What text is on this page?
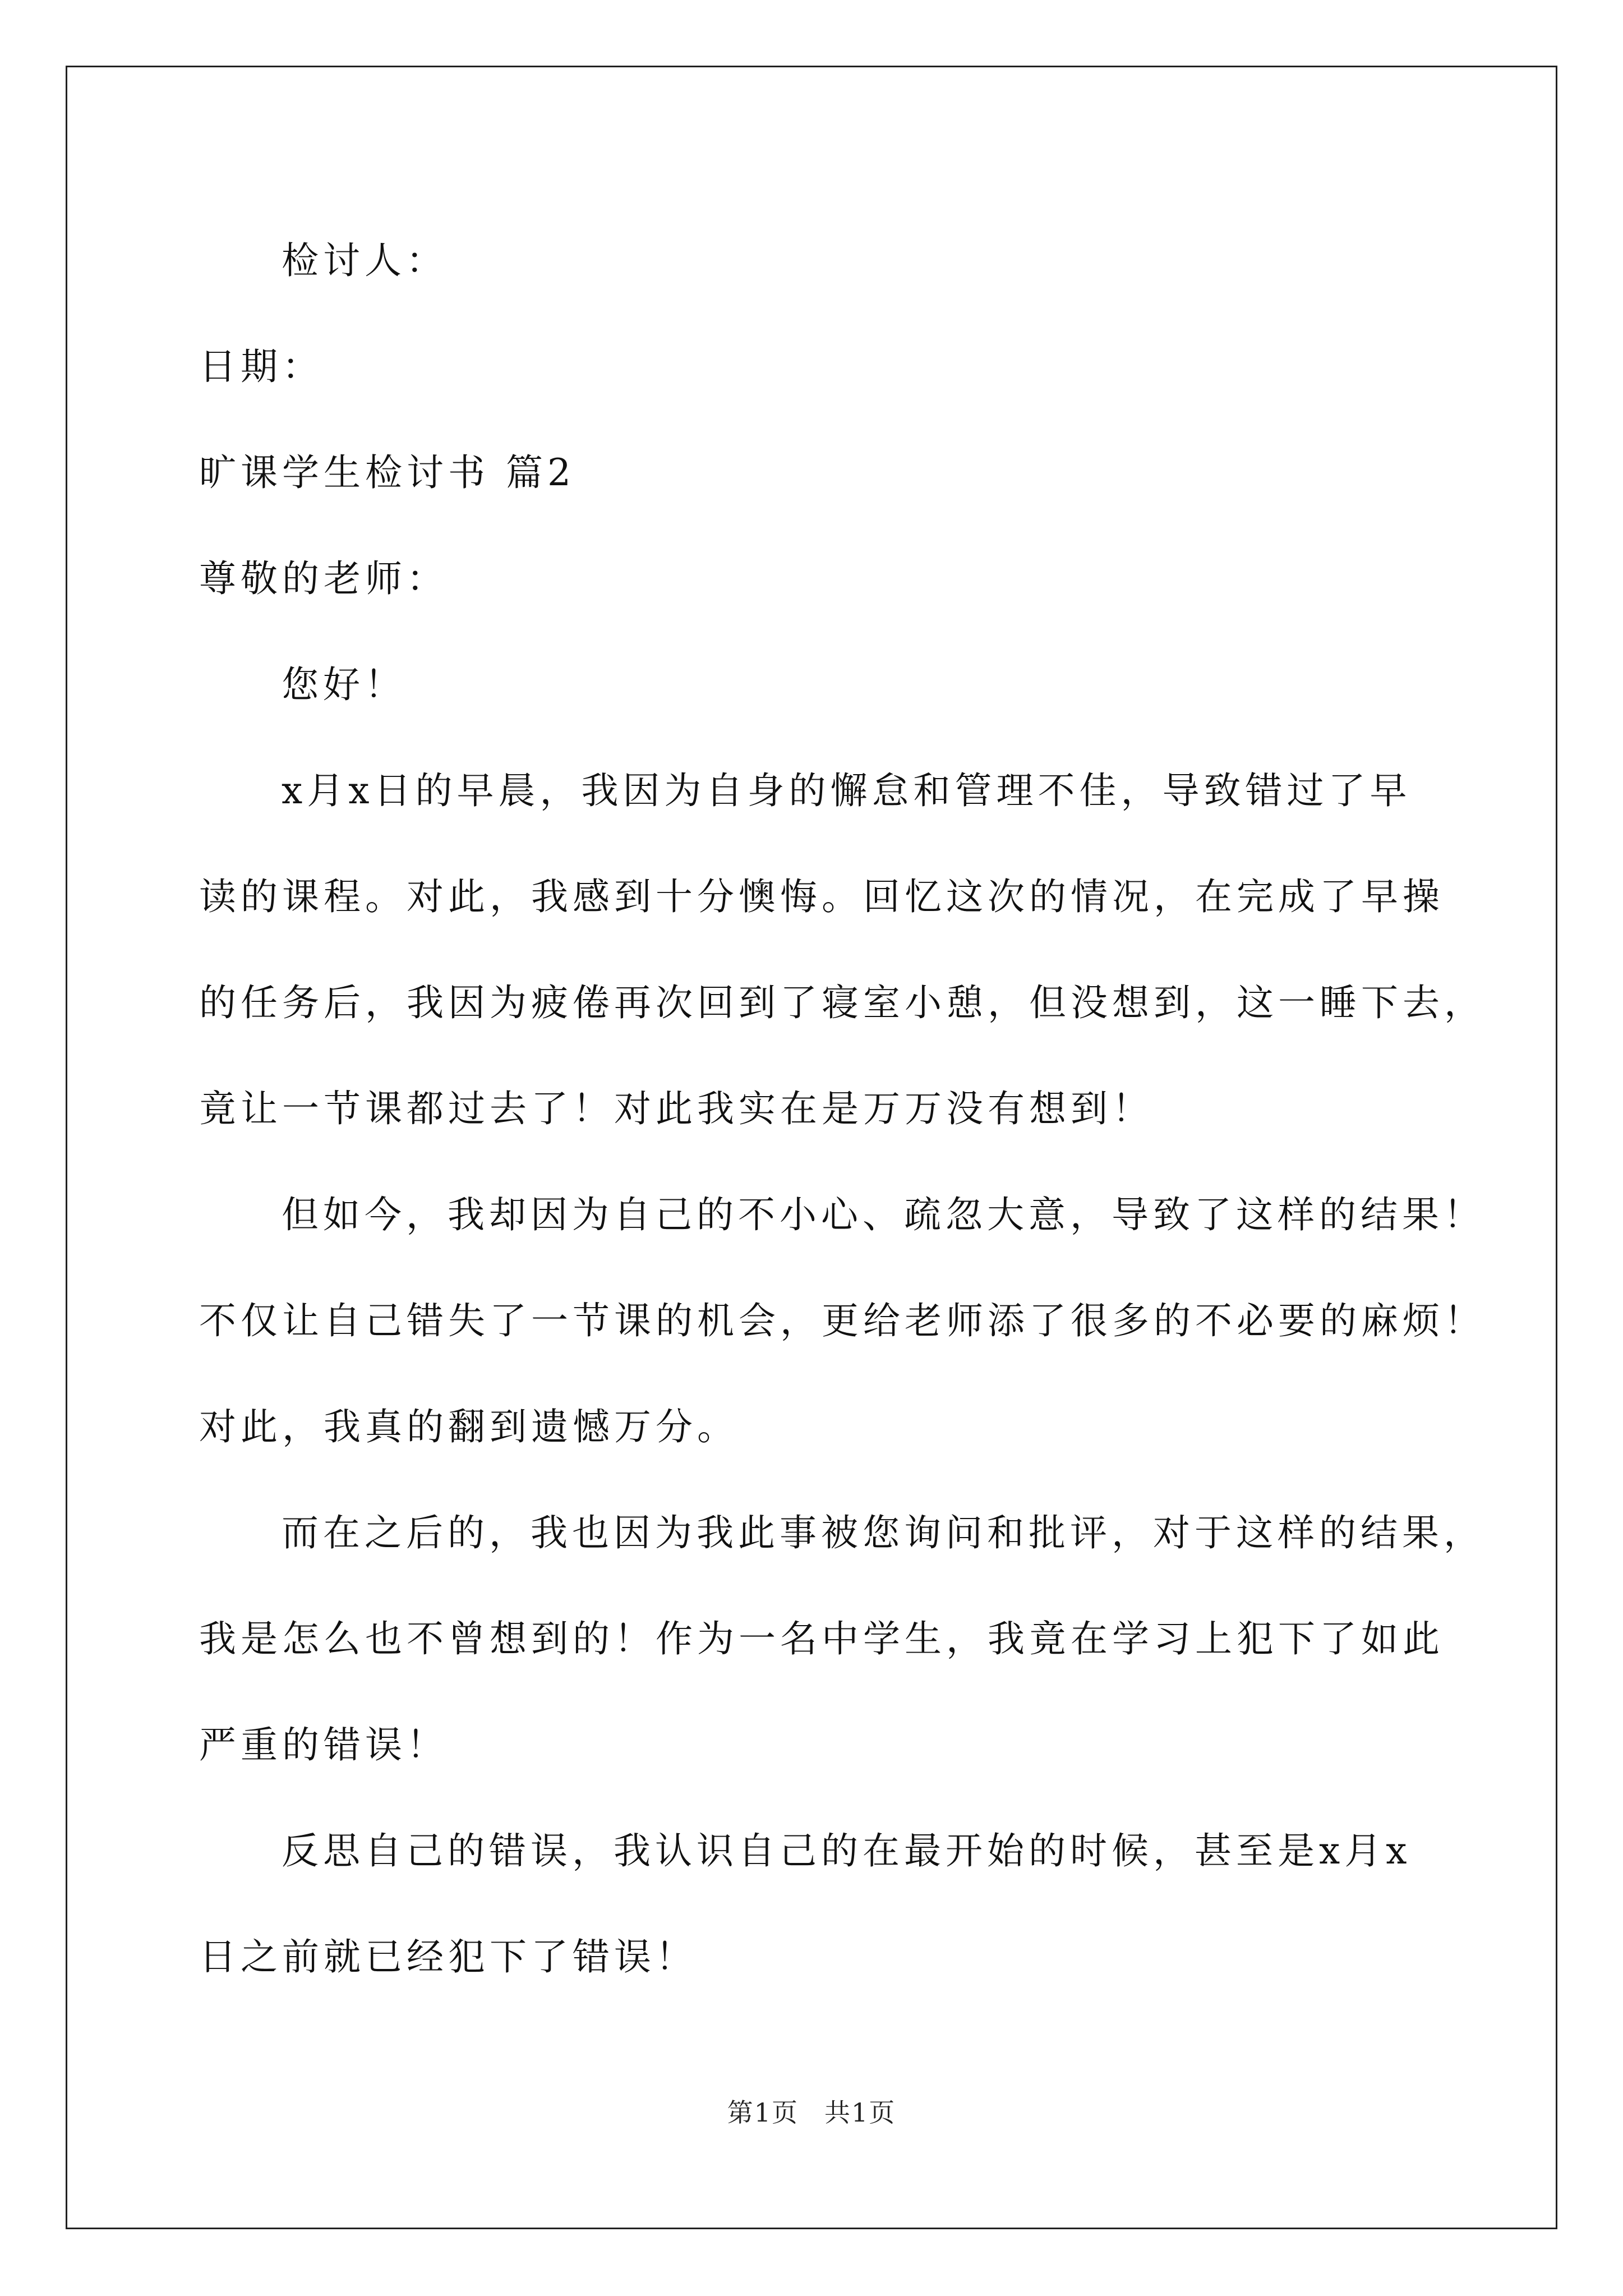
检讨人：

日期：

旷课学生检讨书 篇2

尊敬的老师：

您好！

x月x日的早晨，我因为自身的懈怠和管理不佳，导致错过了早

读的课程。对此，我感到十分懊悔。回忆这次的情况，在完成了早操

的任务后，我因为疲倦再次回到了寝室小憩，但没想到，这一睡下去，

竟让一节课都过去了！对此我实在是万万没有想到！

但如今，我却因为自己的不小心、疏忽大意，导致了这样的结果！

不仅让自己错失了一节课的机会，更给老师添了很多的不必要的麻烦！

对此，我真的翻到遗憾万分。

而在之后的，我也因为我此事被您询问和批评，对于这样的结果，

我是怎么也不曾想到的！作为一名中学生，我竟在学习上犯下了如此

严重的错误！

反思自己的错误，我认识自己的在最开始的时候，甚至是x月x

日之前就已经犯下了错误！

第1页 共1页
